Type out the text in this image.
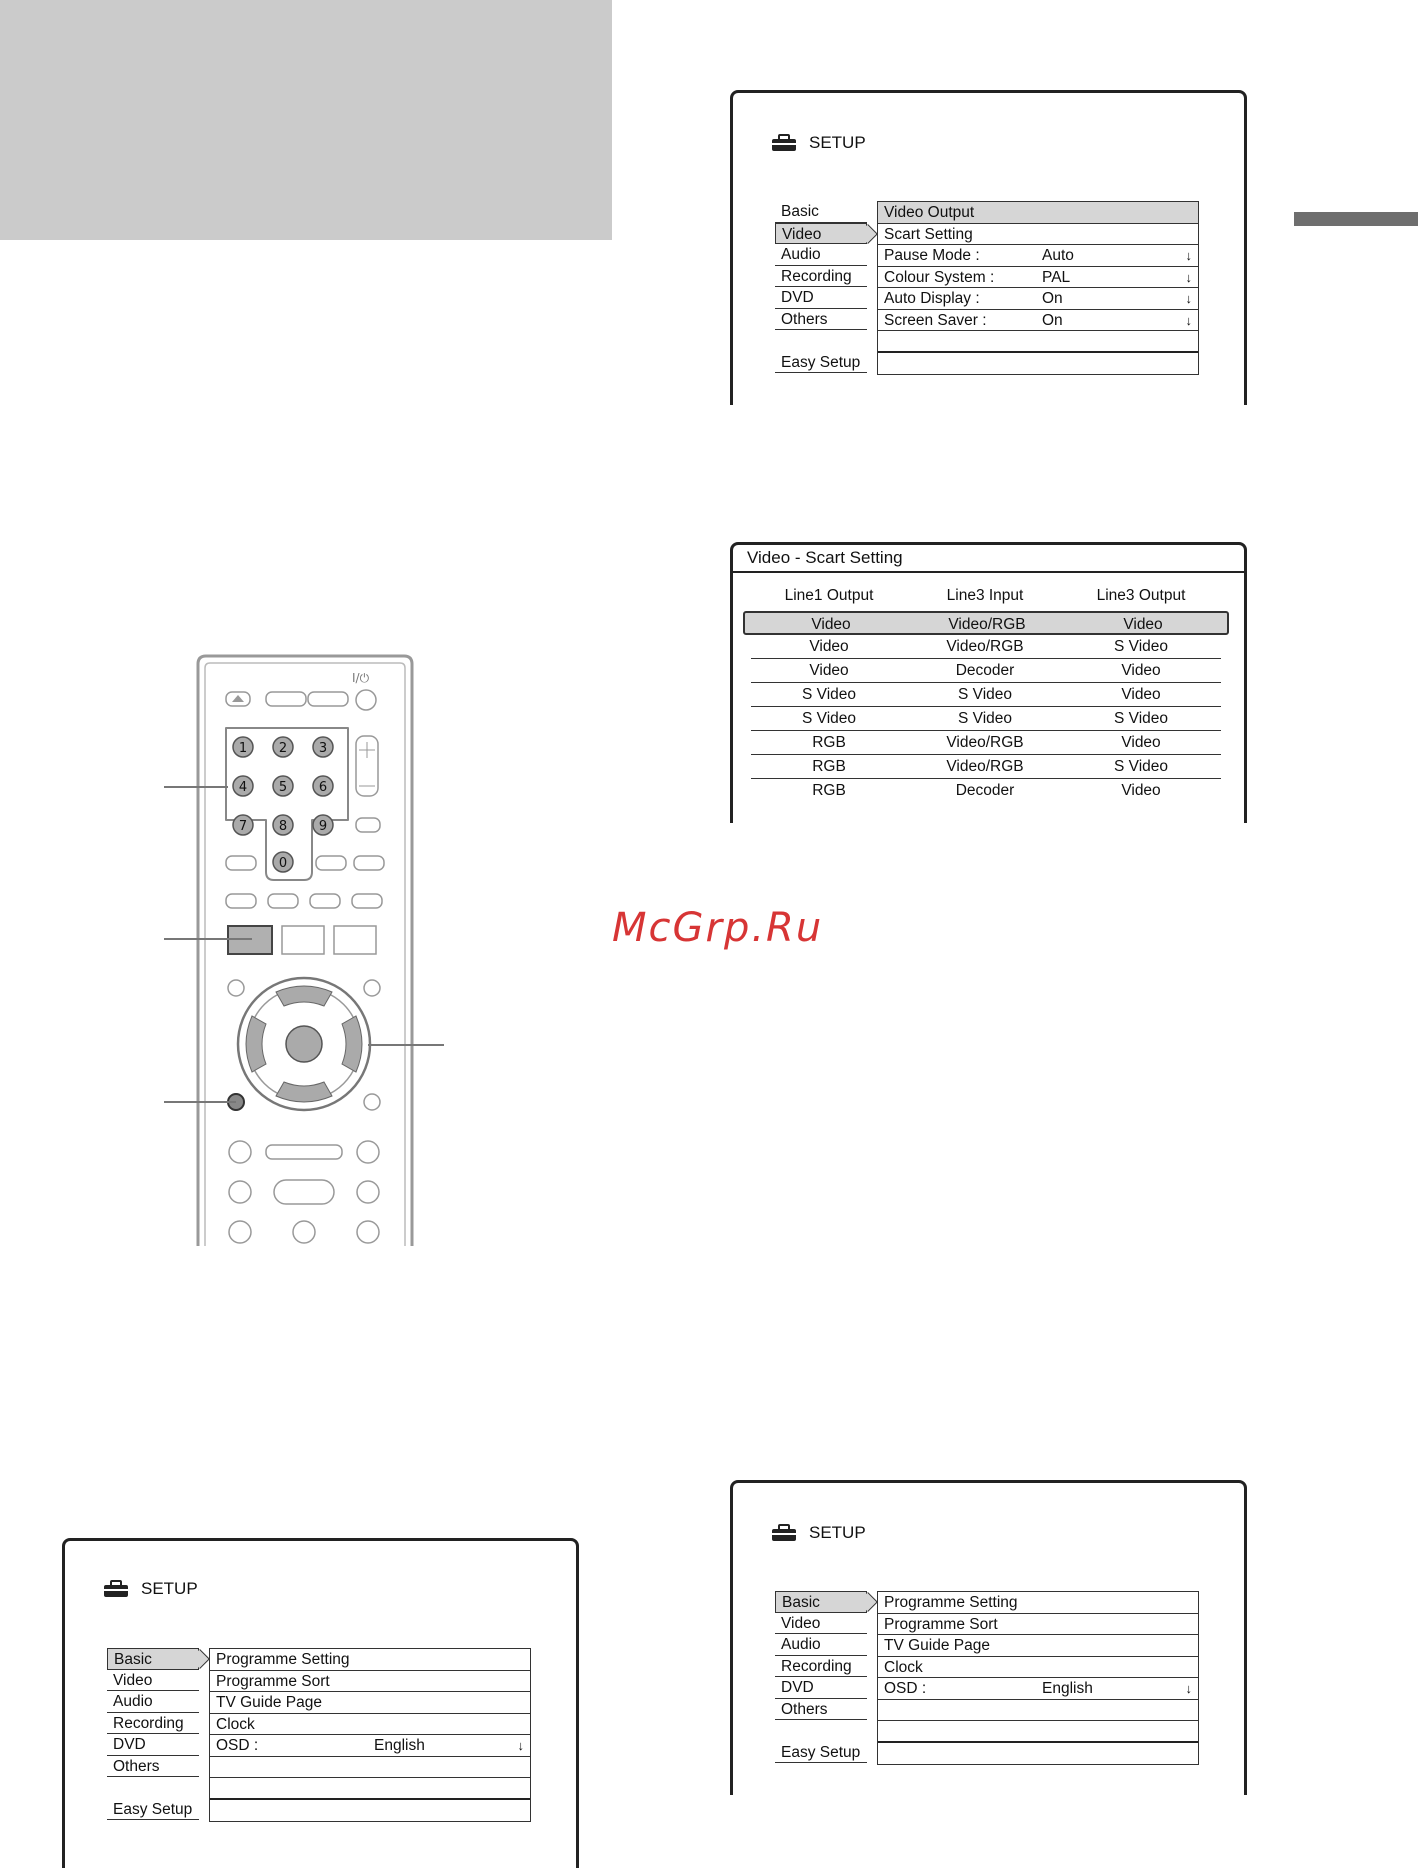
SETUP
Basic
Video
Audio
Recording
DVD
Others
Easy Setup
Video Output
Scart Setting
Pause Mode :	Auto	↓
Colour System :	PAL	↓
Auto Display :	On	↓
Screen Saver :	On	↓
Video - Scart Setting
Line1 Output	Line3 Input	Line3 Output
Video	Video/RGB	Video
Video	Video/RGB	S Video
Video	Decoder	Video
S Video	S Video	Video
S Video	S Video	S Video
RGB	Video/RGB	Video
RGB	Video/RGB	S Video
RGB	Decoder	Video
McGrp.Ru
I/⏻
1 2 3
4 5 6
7 8 9
0
SETUP
Basic
Video
Audio
Recording
DVD
Others
Easy Setup
Programme Setting
Programme Sort
TV Guide Page
Clock
OSD :	English	↓
SETUP
Basic
Video
Audio
Recording
DVD
Others
Easy Setup
Programme Setting
Programme Sort
TV Guide Page
Clock
OSD :	English	↓
